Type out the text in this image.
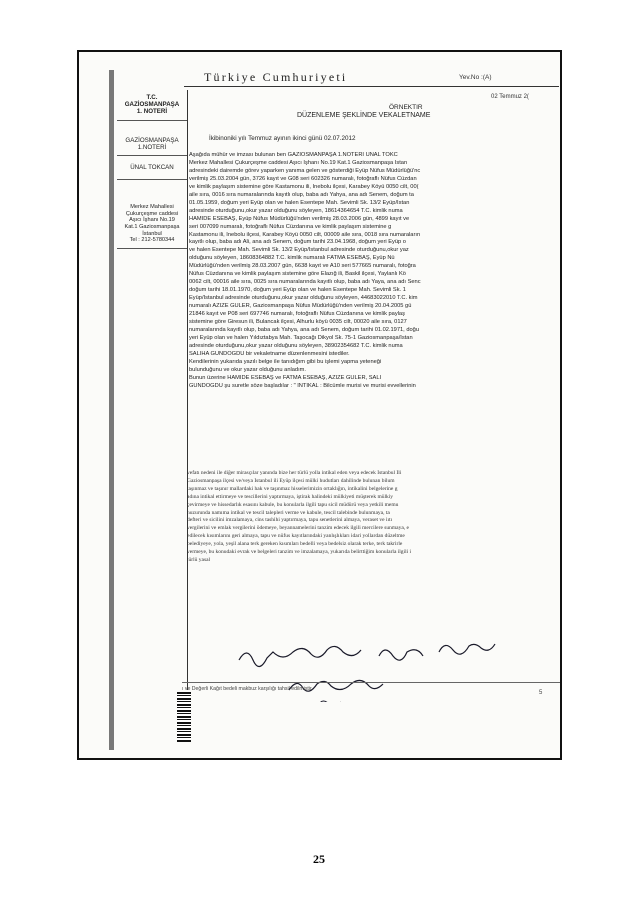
Türkiye Cumhuriyeti	Yev.No :(A)
02 Temmuz 2(
T.C.
GAZİOSMANPAŞA
1. NOTERİ
GAZİOSMANPAŞA
1.NOTERİ
ÜNAL TOKCAN
Merkez Mahallesi
Çukurçeşme caddesi
Aşıcı İşhanı No.19
Kat.1 Gaziosmanpaşa
İstanbul
Tel : 212-5780344
ÖRNEKTIR
DÜZENLEME ŞEKLİNDE VEKALETNAME
İkibinoniki yılı Temmuz ayının ikinci günü 02.07.2012
Aşağıda mühür ve imzası bulunan ben GAZİOSMANPAŞA 1.NOTERİ ÜNAL TOKC
Merkez Mahallesi Çukurçeşme caddesi Aşıcı İşhanı No.19 Kat.1 Gaziosmanpaşa İstan
adresindeki dairemde görev yaparken yanıma gelen ve gösterdiği Eyüp Nüfus Müdürlüğü'nc
verilmiş 25.03.2004 gün, 3726 kayıt ve G08 seri 602326 numaralı, fotoğraflı Nüfus Cüzdan
ve kimlik paylaşım sistemine göre Kastamonu ili, İnebolu ilçesi, Karabey Köyü 0050 cilt, 00(
aile sıra, 0016 sıra numaralarında kayıtlı olup, baba adı Yahya, ana adı Senem, doğum ta
01.05.1959, doğum yeri Eyüp olan ve halen Esentepe Mah. Sevimli Sk. 13/2 Eyüp/İstan
adresinde oturduğunu,okur yazar olduğunu söyleyen, 18614364654 T.C. kimlik numa
HAMİDE ESEBAŞ, Eyüp Nüfus Müdürlüğü'nden verilmiş 28.03.2006 gün, 4899 kayıt ve
seri 007099 numaralı, fotoğraflı Nüfus Cüzdanına ve kimlik paylaşım sistemine g
Kastamonu ili, İnebolu ilçesi, Karabey Köyü 0050 cilt, 00009 aile sıra, 0018 sıra numaraların
kayıtlı olup, baba adı Ali, ana adı Senem, doğum tarihi 23.04.1968, doğum yeri Eyüp o
ve halen Esentepe Mah. Sevimli Sk. 13/2 Eyüp/İstanbul adresinde oturduğunu,okur yaz
olduğunu söyleyen, 18608364882 T.C. kimlik numaralı FATMA ESEBAŞ, Eyüp Nü
Müdürlüğü'nden verilmiş 28.03.2007 gün, 6638 kayıt ve A10 seri 577665 numaralı, fotoğra
Nüfus Cüzdanına ve kimlik paylaşım sistemine göre Elazığ ili, Baskil ilçesi, Yaylanlı Kö
0062 cilt, 00016 aile sıra, 0025 sıra numaralarında kayıtlı olup, baba adı Yaya, ana adı Senc
doğum tarihi 18.01.1970, doğum yeri Eyüp olan ve halen Esentepe Mah. Sevimli Sk. 1
Eyüp/İstanbul adresinde oturduğunu,okur yazar olduğunu söyleyen, 44683022010 T.C. kim
numaralı AZİZE GÜLER, Gaziosmanpaşa Nüfus Müdürlüğü'nden verilmiş 20.04.2005 gü
21846 kayıt ve P08 seri 697746 numaralı, fotoğraflı Nüfus Cüzdanına ve kimlik paylaş
sistemine göre Giresun ili, Bulancak ilçesi, Alhurlu köyü 0035 cilt, 00020 aile sıra, 0127
numaralarında kayıtlı olup, baba adı Yahya, ana adı Senem, doğum tarihi 01.02.1971, doğu
yeri Eyüp olan ve halen Yıldıztabya Mah. Taşocağı Dikyol Sk. 75-1 Gaziosmanpaşa/İstan
adresinde oturduğunu,okur yazar olduğunu söyleyen, 38902354682 T.C. kimlik numa
SALİHA GÜNDOĞDU bir vekaletname düzenlenmesini istediler.
Kendilerinin yukarıda yazılı belge ile tanıdığım gibi bu işlemi yapma yeteneği
bulunduğunu ve okur yazar olduğunu anladım.
Bunun üzerine HAMİDE ESEBAŞ ve FATMA ESEBAŞ, AZİZE GÜLER, SALİ
GÜNDOĞDU şu suretle söze başladılar : " İNTİKAL : Bilcümle murisi ve murisi evvellerinin
vefatı nedeni ile diğer mirasçılar yanında bize her türlü yolla intikal eden veya edecek İstanbul İli
Gaziosmanpaşa ilçesi ve/veya İstanbul ili Eyüp ilçesi mülki hudutları dahilinde bulunan bilum
taşınmaz ve taşınır mallardaki hak ve taşınmaz hisselerimizin ortaklığın, intikalini belgelerine g
adına intikal ettirmeye ve tescillerini yaptırmaya, iştirak halindeki mülkiyeti müşterek mülkiy
çevirmeye ve hissedarlık esasını kabule, bu konularla ilgili tapu sicil müdürü veya yetkili memu
huzurunda namıma intikal ve tescil talepleri verme ve kabule, tescil talebinde bulunmaya, ta
defteri ve sicilini imzalamaya, cins tashihi yaptırmaya, tapu senetlerini almaya, veraset ve iıtı
vergilerini ve emlak vergilerini ödemeye, beyannamelerini tanzim edecek ilgili mercilere sunmaya, e
edilecek kısımlarını geri almaya, tapu ve nüfus kayıtlarındaki yanlışlıkları idari yollardan düzeltme
belediyeye, yola, yeşil alana terk gereken kısımları bedelli veya bedelsiz olarak terke, terk takrirle
vermeye, bu konudaki evrak ve belgeleri tanzim ve imzalamaya, yukarıda belirttiğim konularla ilgili i
türlü yasal
ı ve Değerli Kağıt bedeli makbuz karşılığı tahsil edilmiştir.
5
25
